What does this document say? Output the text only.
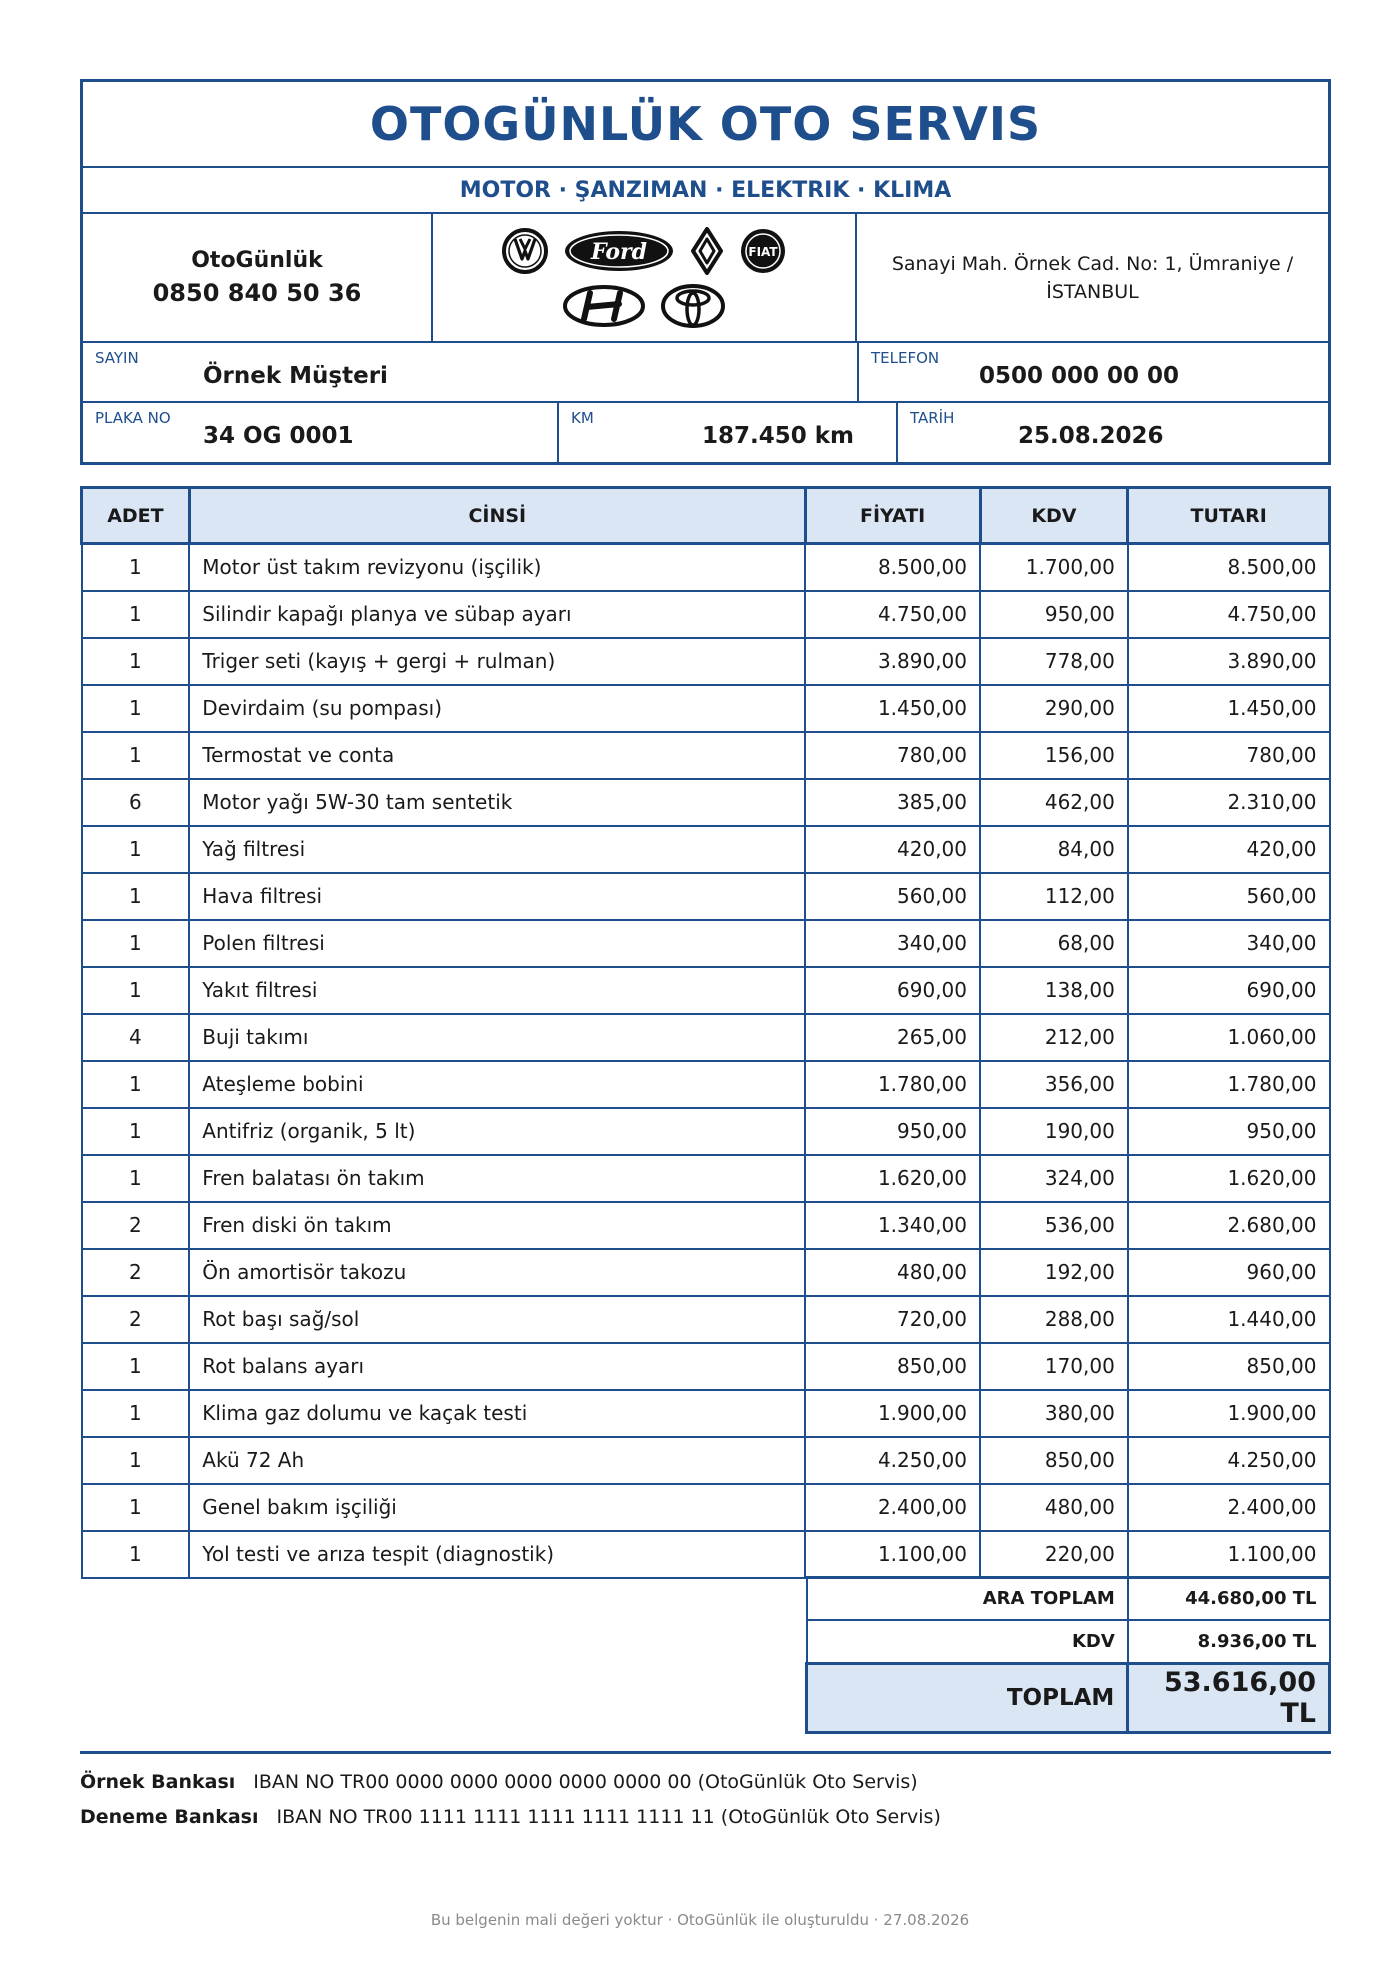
OTOGÜNLÜK OTO SERVIS
MOTOR · ŞANZIMAN · ELEKTRIK · KLIMA
OtoGünlük
0850 840 50 36
Ford	FIAT
Sanayi Mah. Örnek Cad. No: 1, Ümraniye / İSTANBUL
SAYIN
Örnek Müşteri
TELEFON
0500 000 00 00
PLAKA NO
34 OG 0001
KM
187.450 km
TARİH
25.08.2026
ADET	CİNSİ	FİYATI	KDV	TUTARI
1	Motor üst takım revizyonu (işçilik)	8.500,00	1.700,00	8.500,00
1	Silindir kapağı planya ve sübap ayarı	4.750,00	950,00	4.750,00
1	Triger seti (kayış + gergi + rulman)	3.890,00	778,00	3.890,00
1	Devirdaim (su pompası)	1.450,00	290,00	1.450,00
1	Termostat ve conta	780,00	156,00	780,00
6	Motor yağı 5W-30 tam sentetik	385,00	462,00	2.310,00
1	Yağ filtresi	420,00	84,00	420,00
1	Hava filtresi	560,00	112,00	560,00
1	Polen filtresi	340,00	68,00	340,00
1	Yakıt filtresi	690,00	138,00	690,00
4	Buji takımı	265,00	212,00	1.060,00
1	Ateşleme bobini	1.780,00	356,00	1.780,00
1	Antifriz (organik, 5 lt)	950,00	190,00	950,00
1	Fren balatası ön takım	1.620,00	324,00	1.620,00
2	Fren diski ön takım	1.340,00	536,00	2.680,00
2	Ön amortisör takozu	480,00	192,00	960,00
2	Rot başı sağ/sol	720,00	288,00	1.440,00
1	Rot balans ayarı	850,00	170,00	850,00
1	Klima gaz dolumu ve kaçak testi	1.900,00	380,00	1.900,00
1	Akü 72 Ah	4.250,00	850,00	4.250,00
1	Genel bakım işçiliği	2.400,00	480,00	2.400,00
1	Yol testi ve arıza tespit (diagnostik)	1.100,00	220,00	1.100,00
ARA TOPLAM	44.680,00 TL
KDV	8.936,00 TL
TOPLAM	53.616,00 TL
Örnek Bankası IBAN NO TR00 0000 0000 0000 0000 0000 00 (OtoGünlük Oto Servis)
Deneme Bankası IBAN NO TR00 1111 1111 1111 1111 1111 11 (OtoGünlük Oto Servis)
Bu belgenin mali değeri yoktur · OtoGünlük ile oluşturuldu · 27.08.2026
